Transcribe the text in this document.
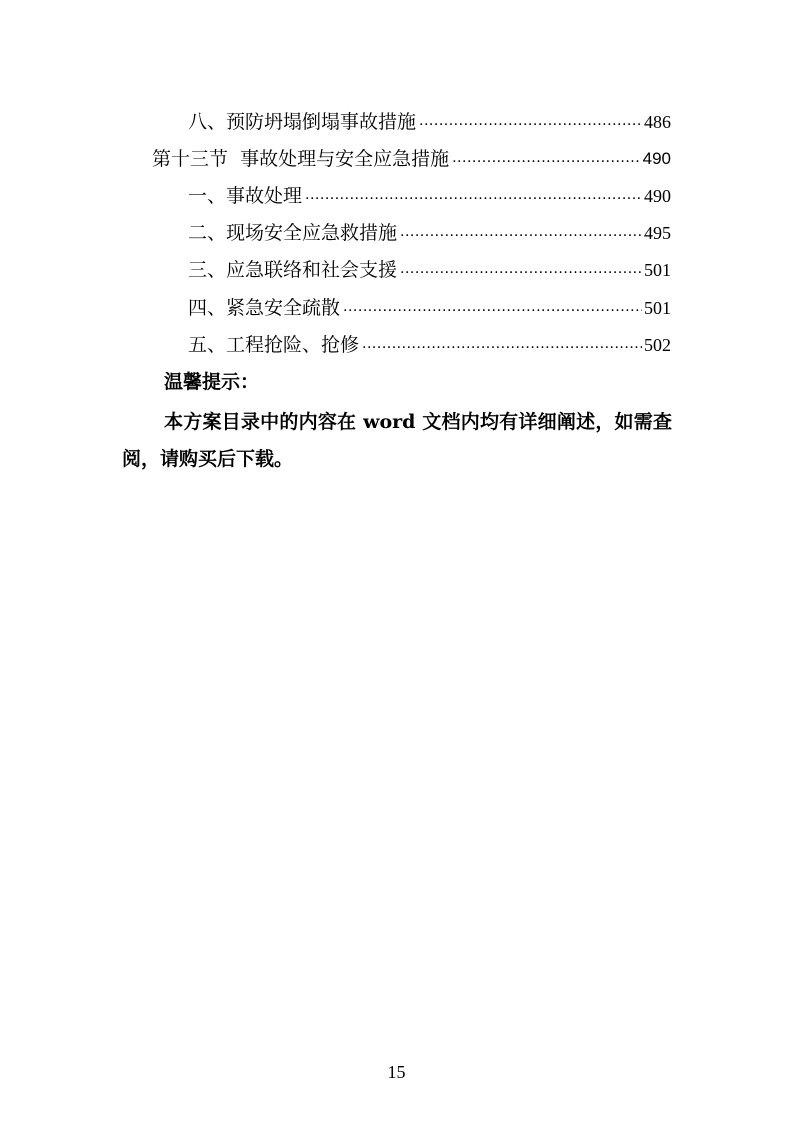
八、预防坍塌倒塌事故措施 .....	486
第十三节  事故处理与安全应急措施 .....	490
一、事故处理 .....	490
二、现场安全应急救措施 .....	495
三、应急联络和社会支援 .....	501
四、紧急安全疏散 .....	501
五、工程抢险、抢修 .....	502
温馨提示：
本方案目录中的内容在 word 文档内均有详细阐述，如需查阅，请购买后下载。
15
